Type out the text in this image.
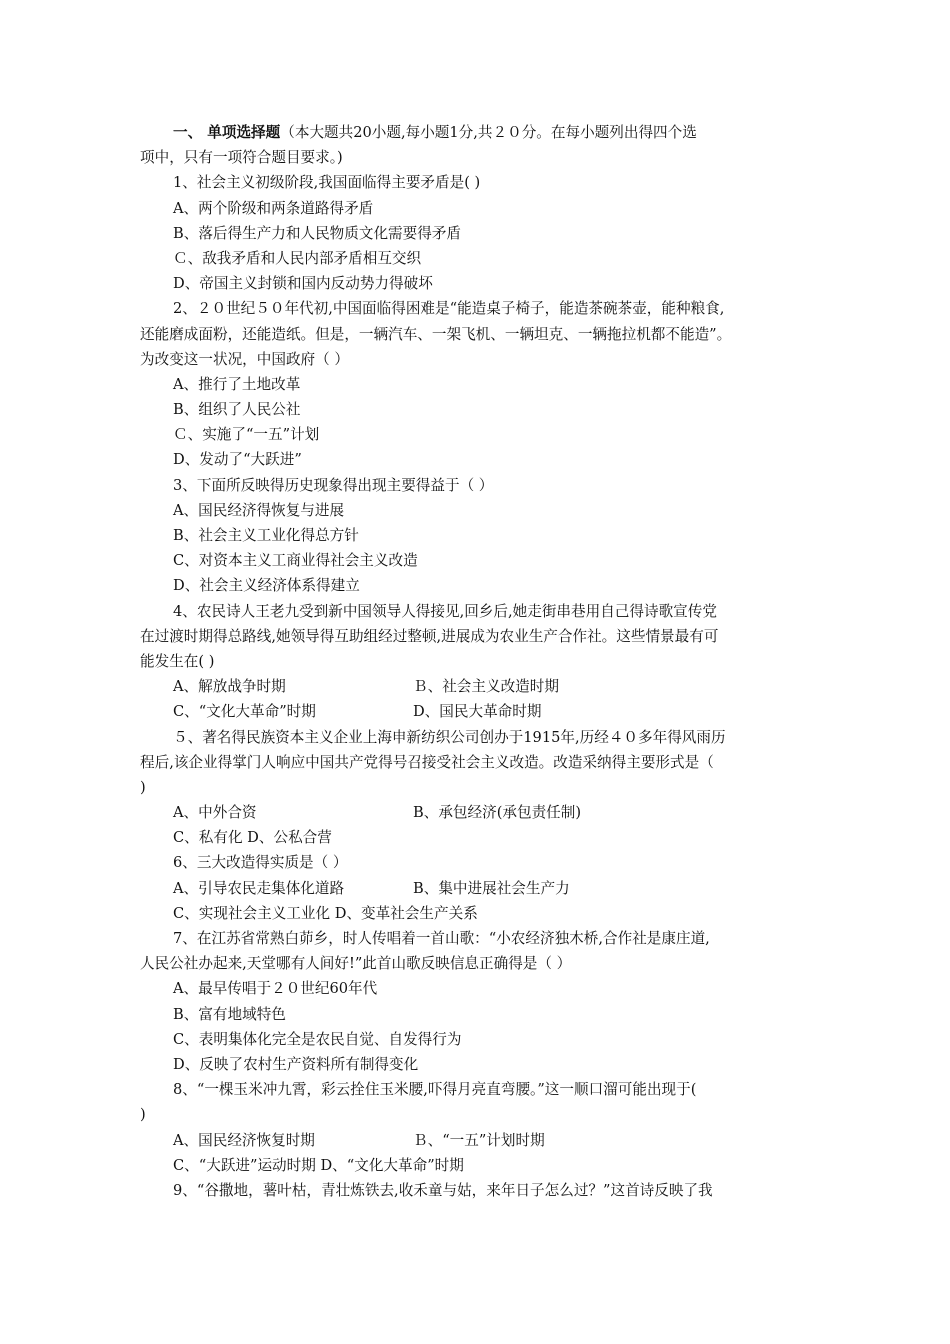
一、 单项选择题（本大题共20小题,每小题1分,共２０分。在每小题列出得四个选
项中，只有一项符合题目要求。)
1、社会主义初级阶段,我国面临得主要矛盾是( )
A、两个阶级和两条道路得矛盾
B、落后得生产力和人民物质文化需要得矛盾
Ｃ、敌我矛盾和人民内部矛盾相互交织
D、帝国主义封锁和国内反动势力得破坏
2、２０世纪５０年代初,中国面临得困难是“能造桌子椅子，能造茶碗茶壶，能种粮食,
还能磨成面粉，还能造纸。但是，一辆汽车、一架飞机、一辆坦克、一辆拖拉机都不能造”。
为改变这一状况，中国政府（ ）
A、推行了土地改革
B、组织了人民公社
Ｃ、实施了“一五”计划
D、发动了“大跃进”
3、下面所反映得历史现象得出现主要得益于（ ）
A、国民经济得恢复与进展
B、社会主义工业化得总方针
C、对资本主义工商业得社会主义改造
D、社会主义经济体系得建立
4、农民诗人王老九受到新中国领导人得接见,回乡后,她走街串巷用自己得诗歌宣传党
在过渡时期得总路线,她领导得互助组经过整顿,进展成为农业生产合作社。这些情景最有可
能发生在( )
A、解放战争时期	Ｂ、社会主义改造时期
C、“文化大革命”时期	D、国民大革命时期
５、著名得民族资本主义企业上海申新纺织公司创办于1915年,历经４０多年得风雨历
程后,该企业得掌门人响应中国共产党得号召接受社会主义改造。改造采纳得主要形式是（
)
A、中外合资	B、承包经济(承包责任制)
C、私有化 D、公私合营
6、三大改造得实质是（ ）
A、引导农民走集体化道路	B、集中进展社会生产力
C、实现社会主义工业化 D、变革社会生产关系
7、在江苏省常熟白茆乡，时人传唱着一首山歌：“小农经济独木桥,合作社是康庄道,
人民公社办起来,天堂哪有人间好!”此首山歌反映信息正确得是（ ）
A、最早传唱于２０世纪60年代
B、富有地域特色
C、表明集体化完全是农民自觉、自发得行为
D、反映了农村生产资料所有制得变化
8、“一棵玉米冲九霄，彩云拴住玉米腰,吓得月亮直弯腰。”这一顺口溜可能出现于(
)
A、国民经济恢复时期	Ｂ、“一五”计划时期
C、“大跃进”运动时期 D、“文化大革命”时期
9、“谷撒地，薯叶枯，青壮炼铁去,收禾童与姑，来年日子怎么过？”这首诗反映了我
